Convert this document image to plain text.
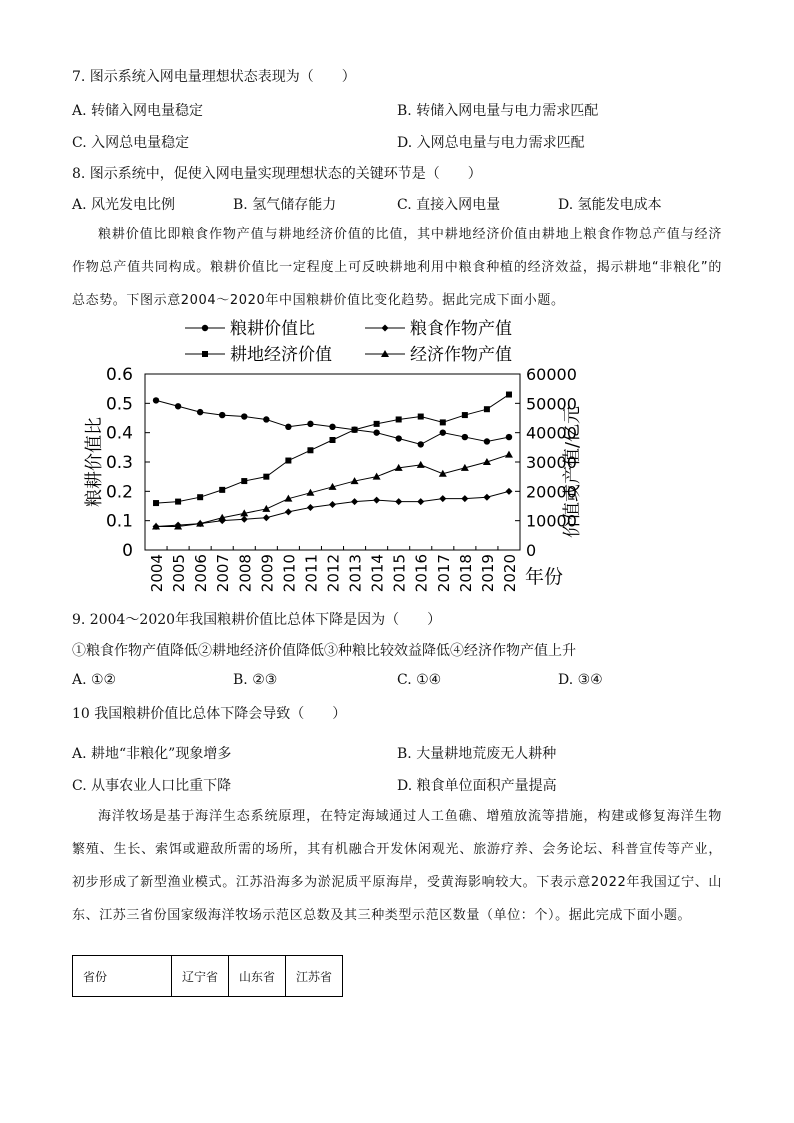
7. 图示系统入网电量理想状态表现为（　　）
A. 转储入网电量稳定	B. 转储入网电量与电力需求匹配
C. 入网总电量稳定	D. 入网总电量与电力需求匹配
8. 图示系统中，促使入网电量实现理想状态的关键环节是（　　）
A. 风光发电比例	B. 氢气储存能力	C. 直接入网电量	D. 氢能发电成本

粮耕价值比即粮食作物产值与耕地经济价值的比值，其中耕地经济价值由耕地上粮食作物总产值与经济作物总产值共同构成。粮耕价值比一定程度上可反映耕地利用中粮食种植的经济效益，揭示耕地“非粮化”的总态势。下图示意2004～2020年中国粮耕价值比变化趋势。据此完成下面小题。

粮耕价值比	粮食作物产值
耕地经济价值	经济作物产值
0
0.1
0.2
0.3
0.4
0.5
0.6
0
10000
20000
30000
40000
50000
60000
2004 2005 2006 2007 2008 2009 2010 2011 2012 2013 2014 2015 2016 2017 2018 2019 2020
粮耕价值比	价值或产值/亿元
年份
9. 2004～2020年我国粮耕价值比总体下降是因为（　　）
①粮食作物产值降低②耕地经济价值降低③种粮比较效益降低④经济作物产值上升
A. ①②	B. ②③	C. ①④	D. ③④
10 我国粮耕价值比总体下降会导致（　　）
A. 耕地“非粮化”现象增多	B. 大量耕地荒废无人耕种
C. 从事农业人口比重下降	D. 粮食单位面积产量提高

海洋牧场是基于海洋生态系统原理，在特定海域通过人工鱼礁、增殖放流等措施，构建或修复海洋生物繁殖、生长、索饵或避敌所需的场所，其有机融合开发休闲观光、旅游疗养、会务论坛、科普宣传等产业，初步形成了新型渔业模式。江苏沿海多为淤泥质平原海岸，受黄海影响较大。下表示意2022年我国辽宁、山东、江苏三省份国家级海洋牧场示范区总数及其三种类型示范区数量（单位：个）。据此完成下面小题。

省份	辽宁省	山东省	江苏省
